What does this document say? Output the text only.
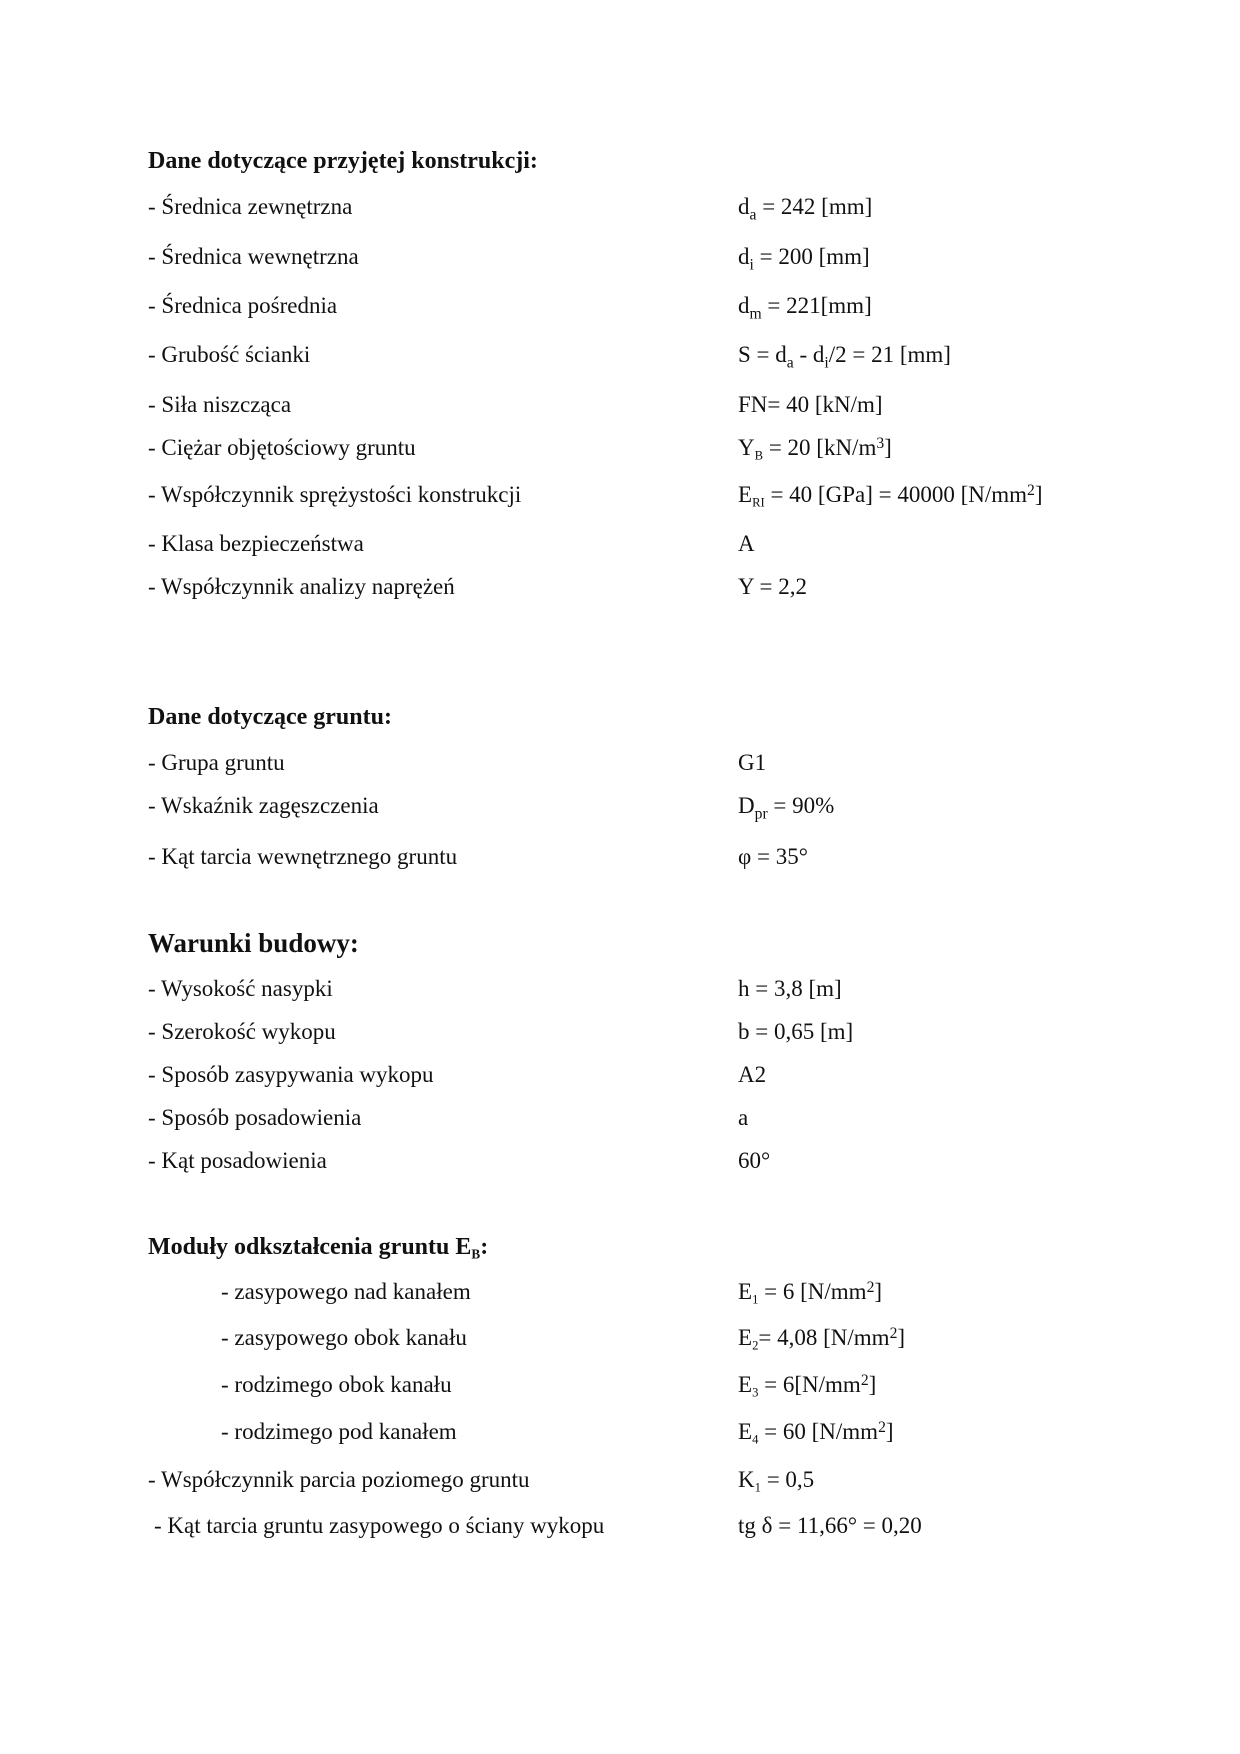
Dane dotyczące przyjętej konstrukcji:
- Średnica zewnętrzna	$d_a = 242$ [mm]
- Średnica wewnętrzna	$d_i = 200$ [mm]
- Średnica pośrednia	$d_m = 221[mm]$
- Grubość ścianki	$S = d_a - d_i/2 = 21$ [mm]
- Siła niszcząca	FN= 40 [kN/m]
- Ciężar objętościowy gruntu	$Y_B = 20$ $[kN/m^3]$
- Współczynnik sprężystości konstrukcji	$E_{RI} = 40$ [GPa] = 40000 $[N/mm^2]$
- Klasa bezpieczeństwa	A
- Współczynnik analizy naprężeń	Y = 2,2
Dane dotyczące gruntu:
- Grupa gruntu	G1
- Wskaźnik zagęszczenia	$D_{pr} = 90\%$
- Kąt tarcia wewnętrznego gruntu	φ = 35°
Warunki budowy:
- Wysokość nasypki	h = 3,8 [m]
- Szerokość wykopu	b = 0,65 [m]
- Sposób zasypywania wykopu	A2
- Sposób posadowienia	a
- Kąt posadowienia	60°
Moduły odkształcenia gruntu $E_B$:
- zasypowego nad kanałem	$E_1 = 6$ $[N/mm^2]$
- zasypowego obok kanału	$E_2= 4,08$ $[N/mm^2]$
- rodzimego obok kanału	$E_3 = 6[N/mm^2]$
- rodzimego pod kanałem	$E_4 = 60$ $[N/mm^2]$
- Współczynnik parcia poziomego gruntu	$K_1 = 0,5$
- Kąt tarcia gruntu zasypowego o ściany wykopu	tg δ = 11,66° = 0,20
